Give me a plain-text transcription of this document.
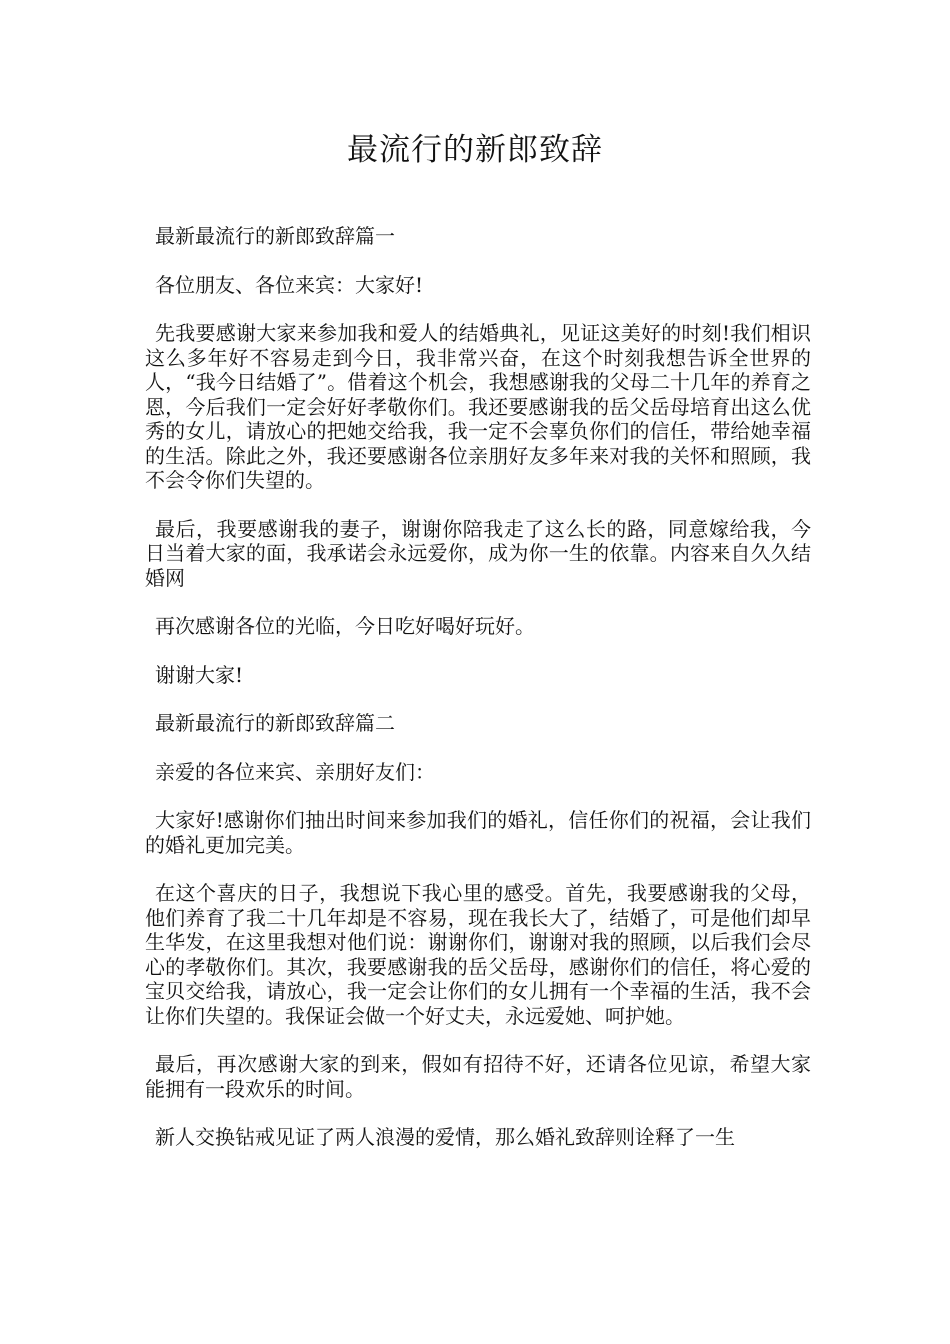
最流行的新郎致辞

最新最流行的新郎致辞篇一

各位朋友、各位来宾：大家好!

先我要感谢大家来参加我和爱人的结婚典礼，见证这美好的时刻!我们相识这么多年好不容易走到今日，我非常兴奋，在这个时刻我想告诉全世界的人，“我今日结婚了”。借着这个机会，我想感谢我的父母二十几年的养育之恩，今后我们一定会好好孝敬你们。我还要感谢我的岳父岳母培育出这么优秀的女儿，请放心的把她交给我，我一定不会辜负你们的信任，带给她幸福的生活。除此之外，我还要感谢各位亲朋好友多年来对我的关怀和照顾，我不会令你们失望的。

最后，我要感谢我的妻子，谢谢你陪我走了这么长的路，同意嫁给我，今日当着大家的面，我承诺会永远爱你，成为你一生的依靠。内容来自久久结婚网

再次感谢各位的光临，今日吃好喝好玩好。

谢谢大家!

最新最流行的新郎致辞篇二

亲爱的各位来宾、亲朋好友们：

大家好!感谢你们抽出时间来参加我们的婚礼，信任你们的祝福，会让我们的婚礼更加完美。

在这个喜庆的日子，我想说下我心里的感受。首先，我要感谢我的父母，他们养育了我二十几年却是不容易，现在我长大了，结婚了，可是他们却早生华发，在这里我想对他们说：谢谢你们，谢谢对我的照顾，以后我们会尽心的孝敬你们。其次，我要感谢我的岳父岳母，感谢你们的信任，将心爱的宝贝交给我，请放心，我一定会让你们的女儿拥有一个幸福的生活，我不会让你们失望的。我保证会做一个好丈夫，永远爱她、呵护她。

最后，再次感谢大家的到来，假如有招待不好，还请各位见谅，希望大家能拥有一段欢乐的时间。

新人交换钻戒见证了两人浪漫的爱情，那么婚礼致辞则诠释了一生
